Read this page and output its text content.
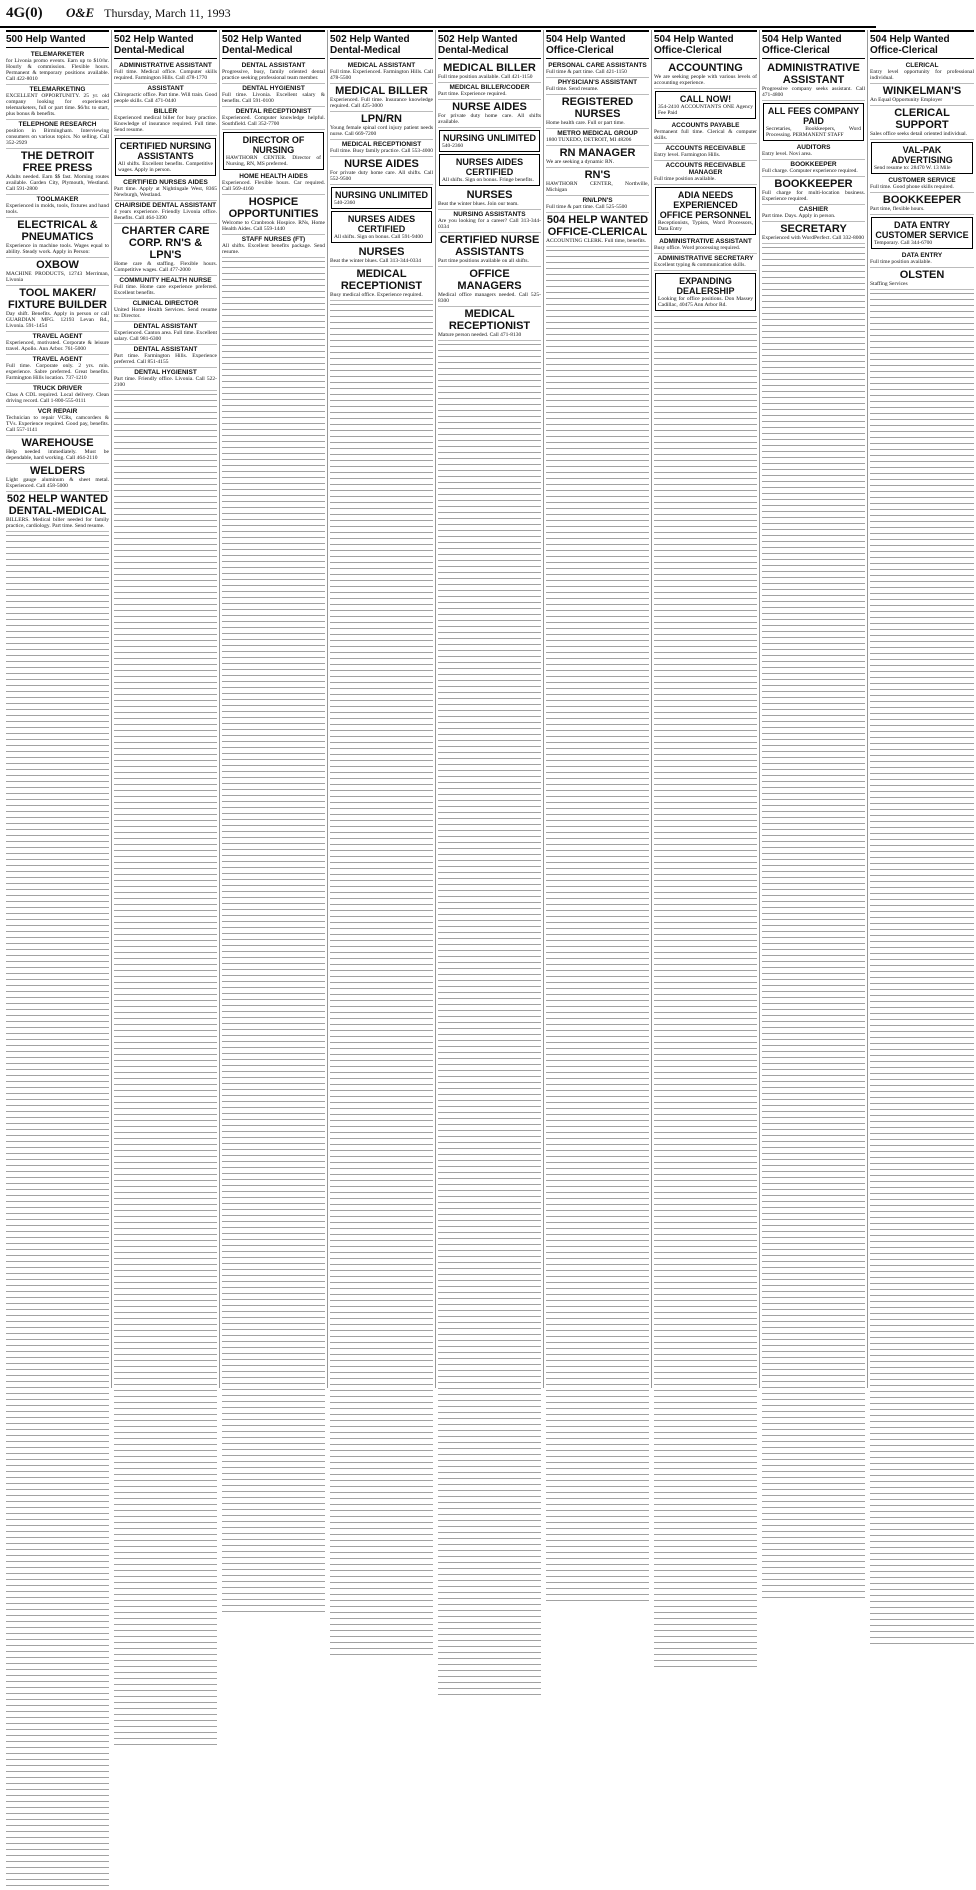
4G(0)	O&E Thursday, March 11, 1993
500 Help Wanted
TELEMARKETER
for Livonia promo events. Earn up to $10/hr. Hourly & commission. Flexible hours. Permanent & temporary positions available. Call 422-8010
TELEMARKETING
EXCELLENT OPPORTUNITY. 25 yr. old company looking for experienced telemarketers, full or part time. $6/hr. to start, plus bonus & benefits.
TELEPHONE RESEARCH
position in Birmingham. Interviewing consumers on various topics. No selling. Call 352-2929
THE DETROIT FREE PRESS
Adults needed. Earn $$ fast. Morning routes available. Garden City, Plymouth, Westland. Call 591-2800
TOOLMAKER
Experienced in molds, tools, fixtures and hand tools.
ELECTRICAL & PNEUMATICS
Experience in machine tools. Wages equal to ability. Steady work. Apply in Person:
OXBOW
MACHINE PRODUCTS, 12743 Merriman, Livonia
TOOL MAKER/ FIXTURE BUILDER
Day shift. Benefits. Apply in person or call GUARDIAN MFG. 12193 Levan Rd., Livonia. 591-1454
TRAVEL AGENT
Experienced, motivated. Corporate & leisure travel. Apollo. Ann Arbor. 761-5000
TRAVEL AGENT
Full time. Corporate only. 2 yrs. min. experience. Sabre preferred. Great benefits. Farmington Hills location. 737-1210
TRUCK DRIVER
Class A CDL required. Local delivery. Clean driving record. Call 1-800-555-0111
VCR REPAIR
Technician to repair VCRs, camcorders & TVs. Experience required. Good pay, benefits. Call 557-1141
WAREHOUSE
Help needed immediately. Must be dependable, hard working. Call 464-2110
WELDERS
Light gauge aluminum & sheet metal. Experienced. Call 458-5000
502 HELP WANTED DENTAL-MEDICAL
BILLERS. Medical biller needed for family practice, cardiology. Part time. Send resume.
502 Help Wanted Dental-Medical
ADMINISTRATIVE ASSISTANT
Full time. Medical office. Computer skills required. Farmington Hills. Call 478-1770
ASSISTANT
Chiropractic office. Part time. Will train. Good people skills. Call 471-0440
BILLER
Experienced medical biller for busy practice. Knowledge of insurance required. Full time. Send resume.
CERTIFIED NURSING ASSISTANTS
All shifts. Excellent benefits. Competitive wages. Apply in person.
CERTIFIED NURSES AIDES
Part time. Apply at Nightingale West, 8365 Newburgh, Westland.
CHAIRSIDE DENTAL ASSISTANT
4 years experience. Friendly Livonia office. Benefits. Call 464-3390
CHARTER CARE CORP. RN'S & LPN'S
Home care & staffing. Flexible hours. Competitive wages. Call 477-2000
COMMUNITY HEALTH NURSE
Full time. Home care experience preferred. Excellent benefits.
CLINICAL DIRECTOR
United Home Health Services. Send resume to: Director.
DENTAL ASSISTANT
Experienced. Canton area. Full time. Excellent salary. Call 981-6300
DENTAL ASSISTANT
Part time. Farmington Hills. Experience preferred. Call 851-4155
DENTAL HYGIENIST
Part time. Friendly office. Livonia. Call 522-2100
502 Help Wanted Dental-Medical
DENTAL ASSISTANT
Progressive, busy, family oriented dental practice seeking professional team member.
DENTAL HYGIENIST
Full time. Livonia. Excellent salary & benefits. Call 591-0100
DENTAL RECEPTIONIST
Experienced. Computer knowledge helpful. Southfield. Call 352-7700
DIRECTOR OF NURSING
HAWTHORN CENTER. Director of Nursing, RN, MS preferred.
HOME HEALTH AIDES
Experienced. Flexible hours. Car required. Call 569-4160
HOSPICE OPPORTUNITIES
Welcome to Cranbrook Hospice. RNs, Home Health Aides. Call 559-1440
STAFF NURSES (FT)
All shifts. Excellent benefits package. Send resume.
502 Help Wanted Dental-Medical
MEDICAL ASSISTANT
Full time. Experienced. Farmington Hills. Call 478-5500
MEDICAL BILLER
Experienced. Full time. Insurance knowledge required. Call 425-3000
LPN/RN
Young female spinal cord injury patient needs nurse. Call 669-7200
MEDICAL RECEPTIONIST
Full time. Busy family practice. Call 553-4000
NURSE AIDES
For private duty home care. All shifts. Call 552-9500
NURSING UNLIMITED
540-2360
NURSES AIDES CERTIFIED
All shifts. Sign on bonus. Call 591-9400
NURSES
Beat the winter blues. Call 313-344-0334
MEDICAL RECEPTIONIST
Busy medical office. Experience required.
502 Help Wanted Dental-Medical
MEDICAL BILLER
Full time position available. Call 421-1150
MEDICAL BILLER/CODER
Part time. Experience required.
NURSE AIDES
For private duty home care. All shifts available.
NURSING UNLIMITED
540-2360
NURSES AIDES CERTIFIED
All shifts. Sign on bonus. Fringe benefits.
NURSES
Beat the winter blues. Join our team.
NURSING ASSISTANTS
Are you looking for a career? Call 313-344-0334
CERTIFIED NURSE ASSISTANTS
Part time positions available on all shifts.
OFFICE MANAGERS
Medical office managers needed. Call 525-8300
MEDICAL RECEPTIONIST
Mature person needed. Call 471-8130
504 Help Wanted Office-Clerical
PERSONAL CARE ASSISTANTS
Full time & part time. Call 421-1150
PHYSICIAN'S ASSISTANT
Full time. Send resume.
REGISTERED NURSES
Home health care. Full or part time.
METRO MEDICAL GROUP
1800 TUXEDO, DETROIT, MI 48206
RN MANAGER
We are seeking a dynamic RN.
RN'S
HAWTHORN CENTER, Northville, Michigan
RN/LPN'S
Full time & part time. Call 525-5500
504 HELP WANTED OFFICE-CLERICAL
ACCOUNTING CLERK. Full time, benefits.
504 Help Wanted Office-Clerical
ACCOUNTING
We are seeking people with various levels of accounting experience.
CALL NOW!
354-2410 ACCOUNTANTS ONE Agency Fee Paid
ACCOUNTS PAYABLE
Permanent full time. Clerical & computer skills.
ACCOUNTS RECEIVABLE
Entry level. Farmington Hills.
ACCOUNTS RECEIVABLE MANAGER
Full time position available.
ADIA NEEDS EXPERIENCED OFFICE PERSONNEL
Receptionists, Typists, Word Processors, Data Entry
ADMINISTRATIVE ASSISTANT
Busy office. Word processing required.
ADMINISTRATIVE SECRETARY
Excellent typing & communication skills.
EXPANDING DEALERSHIP
Looking for office positions. Don Massey Cadillac, 40475 Ann Arbor Rd.
504 Help Wanted Office-Clerical
ADMINISTRATIVE ASSISTANT
Progressive company seeks assistant. Call 471-4800
ALL FEES COMPANY PAID
Secretaries, Bookkeepers, Word Processing. PERMANENT STAFF
AUDITORS
Entry level. Novi area.
BOOKKEEPER
Full charge. Computer experience required.
BOOKKEEPER
Full charge for multi-location business. Experience required.
CASHIER
Part time. Days. Apply in person.
SECRETARY
Experienced with WordPerfect. Call 332-8000
504 Help Wanted Office-Clerical
CLERICAL
Entry level opportunity for professional individual.
WINKELMAN'S
An Equal Opportunity Employer
CLERICAL SUPPORT
Sales office seeks detail oriented individual.
VAL-PAK ADVERTISING
Send resume to: 28470 W. 13 Mile
CUSTOMER SERVICE
Full time. Good phone skills required.
BOOKKEEPER
Part time, flexible hours.
DATA ENTRY CUSTOMER SERVICE
Temporary. Call 344-6700
DATA ENTRY
Full time position available.
OLSTEN
Staffing Services
